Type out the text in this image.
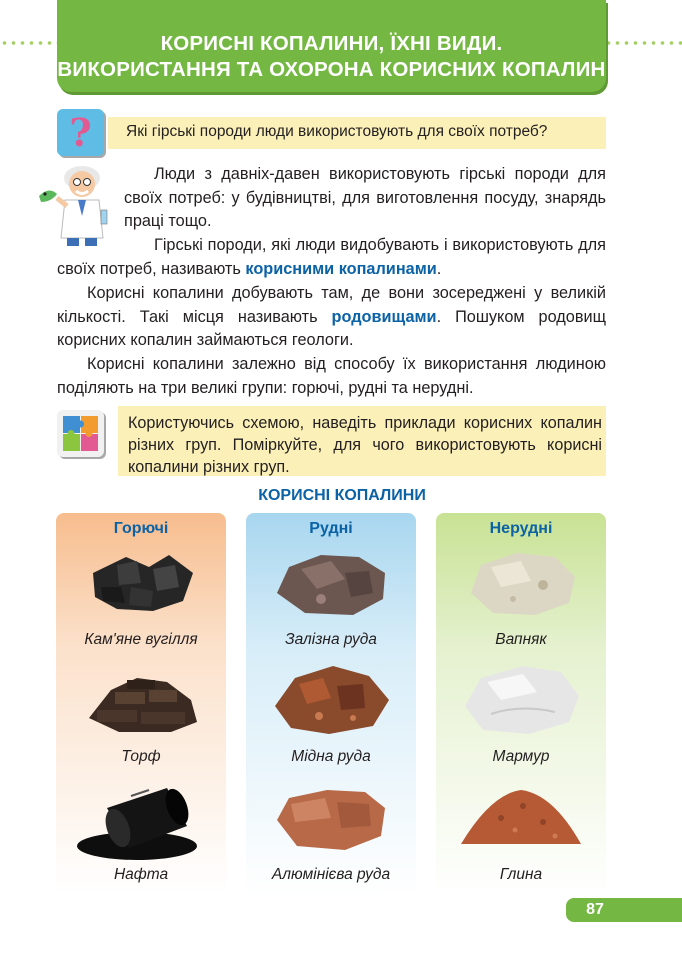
КОРИСНІ КОПАЛИНИ, ЇХНІ ВИДИ.
ВИКОРИСТАННЯ ТА ОХОРОНА КОРИСНИХ КОПАЛИН
? Які гірські породи люди використовують для своїх потреб?
Люди з давніх-давен використовують гірські породи для своїх потреб: у будівництві, для виготовлення посуду, знарядь праці тощо.
Гірські породи, які люди видобувають і використовують для своїх потреб, називають корисними копалинами.
Корисні копалини добувають там, де вони зосереджені у великій кількості. Такі місця називають родовищами. Пошуком родовищ корисних копалин займаються геологи.
Корисні копалини залежно від способу їх використання людиною поділяють на три великі групи: горючі, рудні та нерудні.
Користуючись схемою, наведіть приклади корисних копалин різних груп. Поміркуйте, для чого використовують корисні копалини різних груп.
КОРИСНІ КОПАЛИНИ
Горючі
Кам'яне вугілля
Торф
Нафта
Рудні
Залізна руда
Мідна руда
Алюмінієва руда
Нерудні
Вапняк
Мармур
Глина
87
